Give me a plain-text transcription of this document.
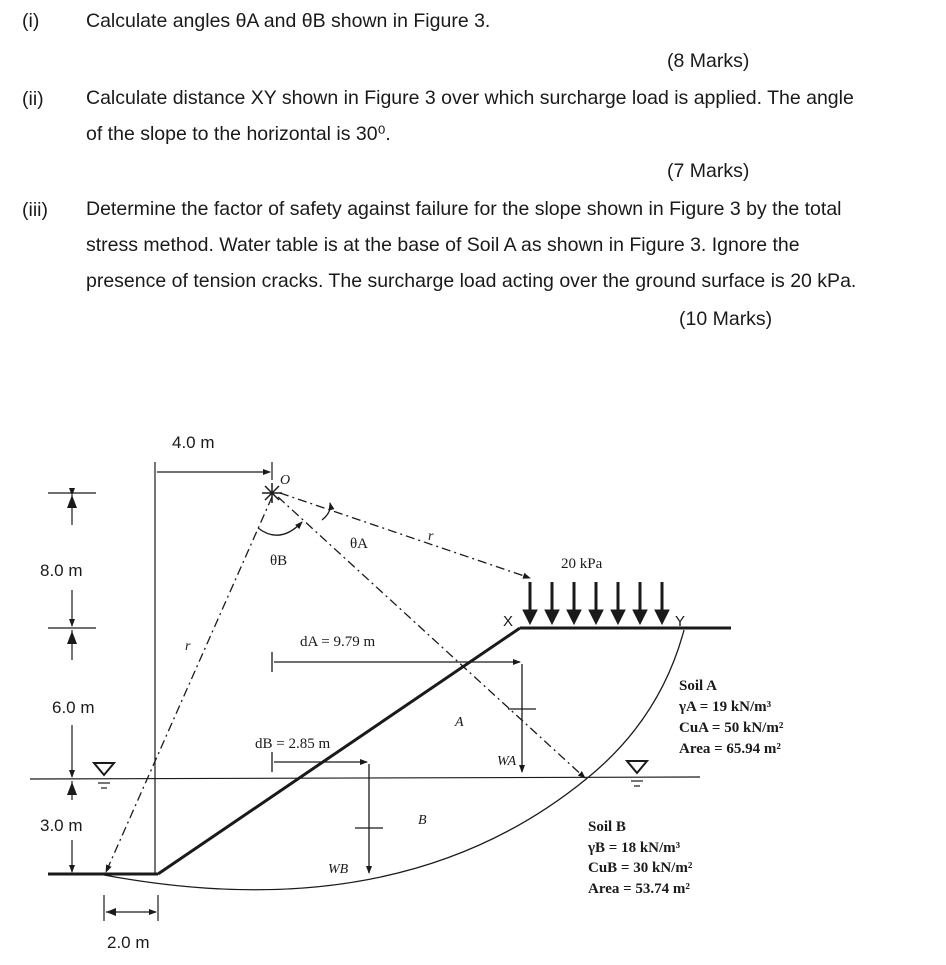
(i) Calculate angles θA and θB shown in Figure 3.
(8 Marks)
(ii) Calculate distance XY shown in Figure 3 over which surcharge load is applied. The angle
of the slope to the horizontal is 30⁰.
(7 Marks)
(iii) Determine the factor of safety against failure for the slope shown in Figure 3 by the total
stress method. Water table is at the base of Soil A as shown in Figure 3. Ignore the
presence of tension cracks. The surcharge load acting over the ground surface is 20 kPa.
(10 Marks)
O
r
r
θB
θA
20 kPa
X	Y
dA = 9.79 m
WA
A
dB = 2.85 m
WB
B
4.0 m
8.0 m
6.0 m
3.0 m
2.0 m
Soil A
γA = 19 kN/m³
CuA = 50 kN/m²
Area = 65.94 m²
Soil B
γB = 18 kN/m³
CuB = 30 kN/m²
Area = 53.74 m²
